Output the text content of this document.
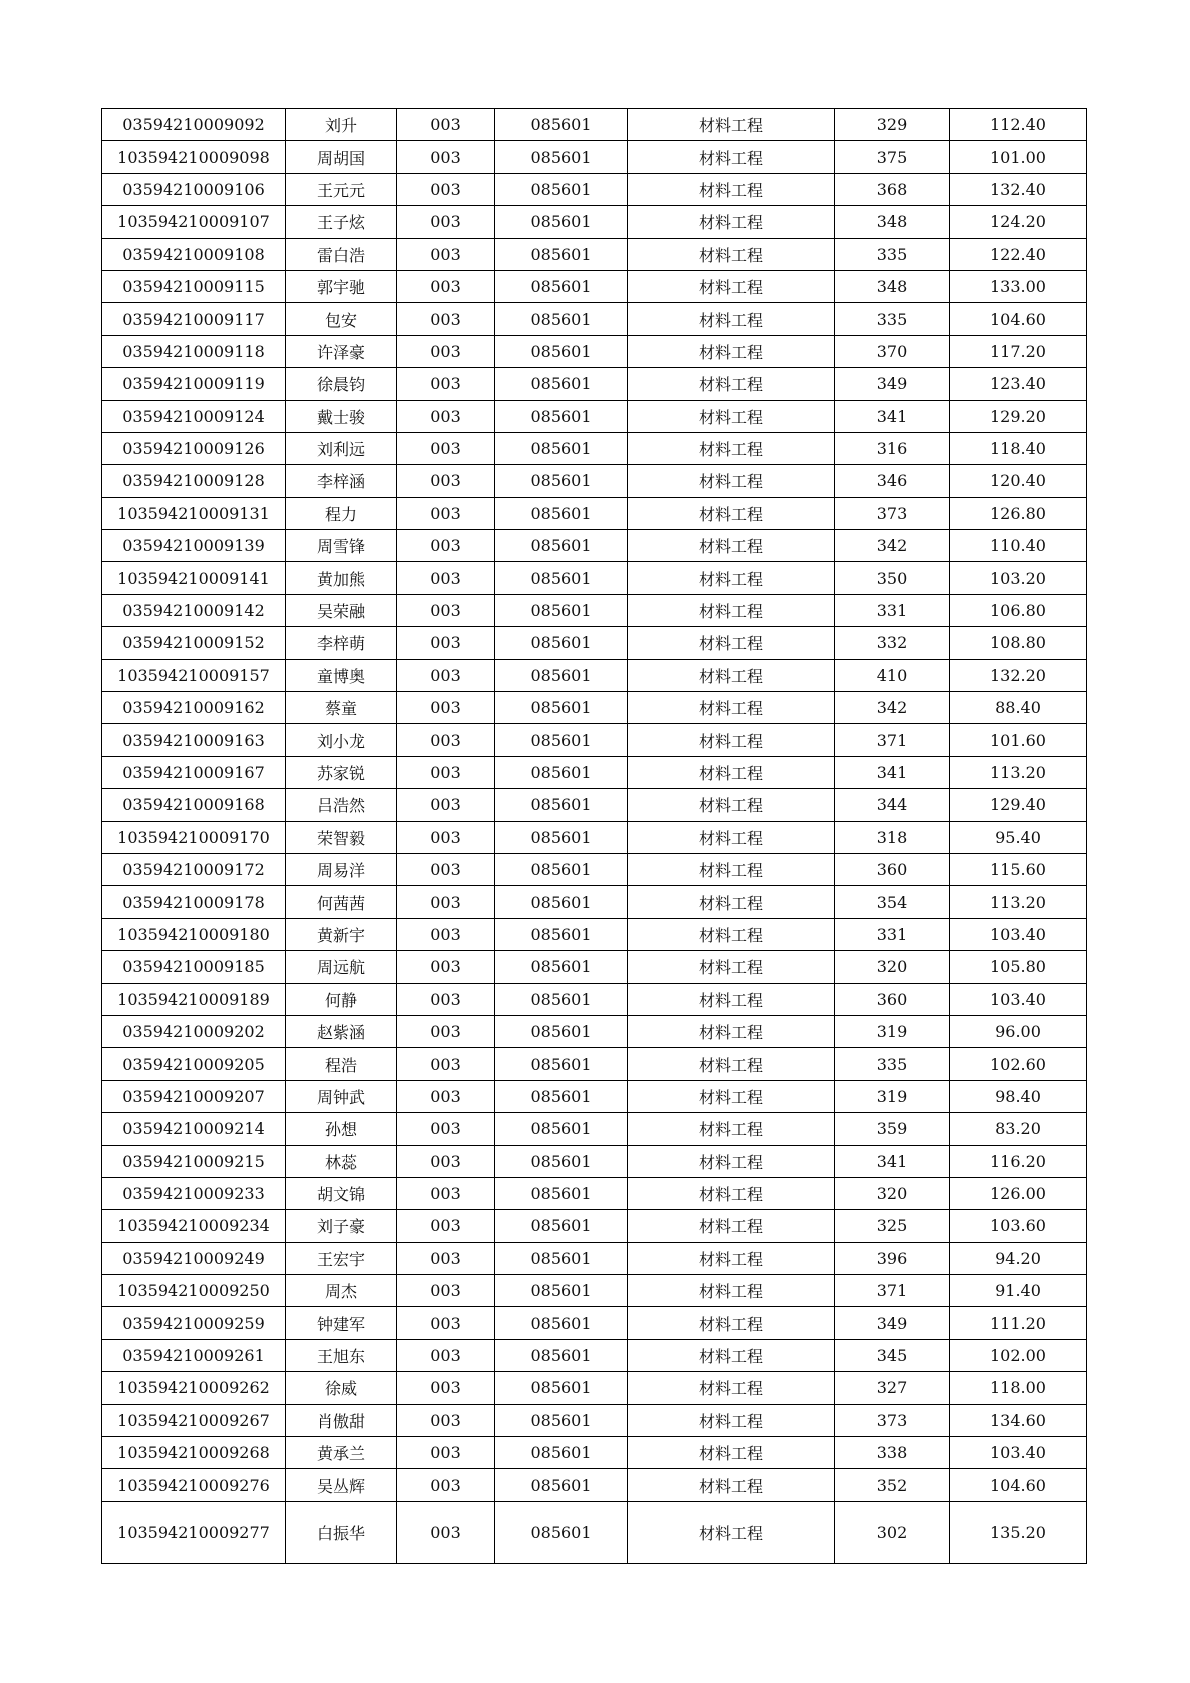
03594210009092	刘升	003	085601	材料工程	329	112.40
103594210009098	周胡国	003	085601	材料工程	375	101.00
03594210009106	王元元	003	085601	材料工程	368	132.40
103594210009107	王子炫	003	085601	材料工程	348	124.20
03594210009108	雷白浩	003	085601	材料工程	335	122.40
03594210009115	郭宇驰	003	085601	材料工程	348	133.00
03594210009117	包安	003	085601	材料工程	335	104.60
03594210009118	许泽豪	003	085601	材料工程	370	117.20
03594210009119	徐晨钧	003	085601	材料工程	349	123.40
03594210009124	戴士骏	003	085601	材料工程	341	129.20
03594210009126	刘利远	003	085601	材料工程	316	118.40
03594210009128	李梓涵	003	085601	材料工程	346	120.40
103594210009131	程力	003	085601	材料工程	373	126.80
03594210009139	周雪锋	003	085601	材料工程	342	110.40
103594210009141	黄加熊	003	085601	材料工程	350	103.20
03594210009142	吴荣融	003	085601	材料工程	331	106.80
03594210009152	李梓萌	003	085601	材料工程	332	108.80
103594210009157	童博奥	003	085601	材料工程	410	132.20
03594210009162	蔡童	003	085601	材料工程	342	88.40
03594210009163	刘小龙	003	085601	材料工程	371	101.60
03594210009167	苏家锐	003	085601	材料工程	341	113.20
03594210009168	吕浩然	003	085601	材料工程	344	129.40
103594210009170	荣智毅	003	085601	材料工程	318	95.40
03594210009172	周易洋	003	085601	材料工程	360	115.60
03594210009178	何茜茜	003	085601	材料工程	354	113.20
103594210009180	黄新宇	003	085601	材料工程	331	103.40
03594210009185	周远航	003	085601	材料工程	320	105.80
103594210009189	何静	003	085601	材料工程	360	103.40
03594210009202	赵紫涵	003	085601	材料工程	319	96.00
03594210009205	程浩	003	085601	材料工程	335	102.60
03594210009207	周钟武	003	085601	材料工程	319	98.40
03594210009214	孙想	003	085601	材料工程	359	83.20
03594210009215	林蕊	003	085601	材料工程	341	116.20
03594210009233	胡文锦	003	085601	材料工程	320	126.00
103594210009234	刘子豪	003	085601	材料工程	325	103.60
03594210009249	王宏宇	003	085601	材料工程	396	94.20
103594210009250	周杰	003	085601	材料工程	371	91.40
03594210009259	钟建军	003	085601	材料工程	349	111.20
03594210009261	王旭东	003	085601	材料工程	345	102.00
103594210009262	徐威	003	085601	材料工程	327	118.00
103594210009267	肖傲甜	003	085601	材料工程	373	134.60
103594210009268	黄承兰	003	085601	材料工程	338	103.40
103594210009276	吴丛辉	003	085601	材料工程	352	104.60
103594210009277	白振华	003	085601	材料工程	302	135.20
